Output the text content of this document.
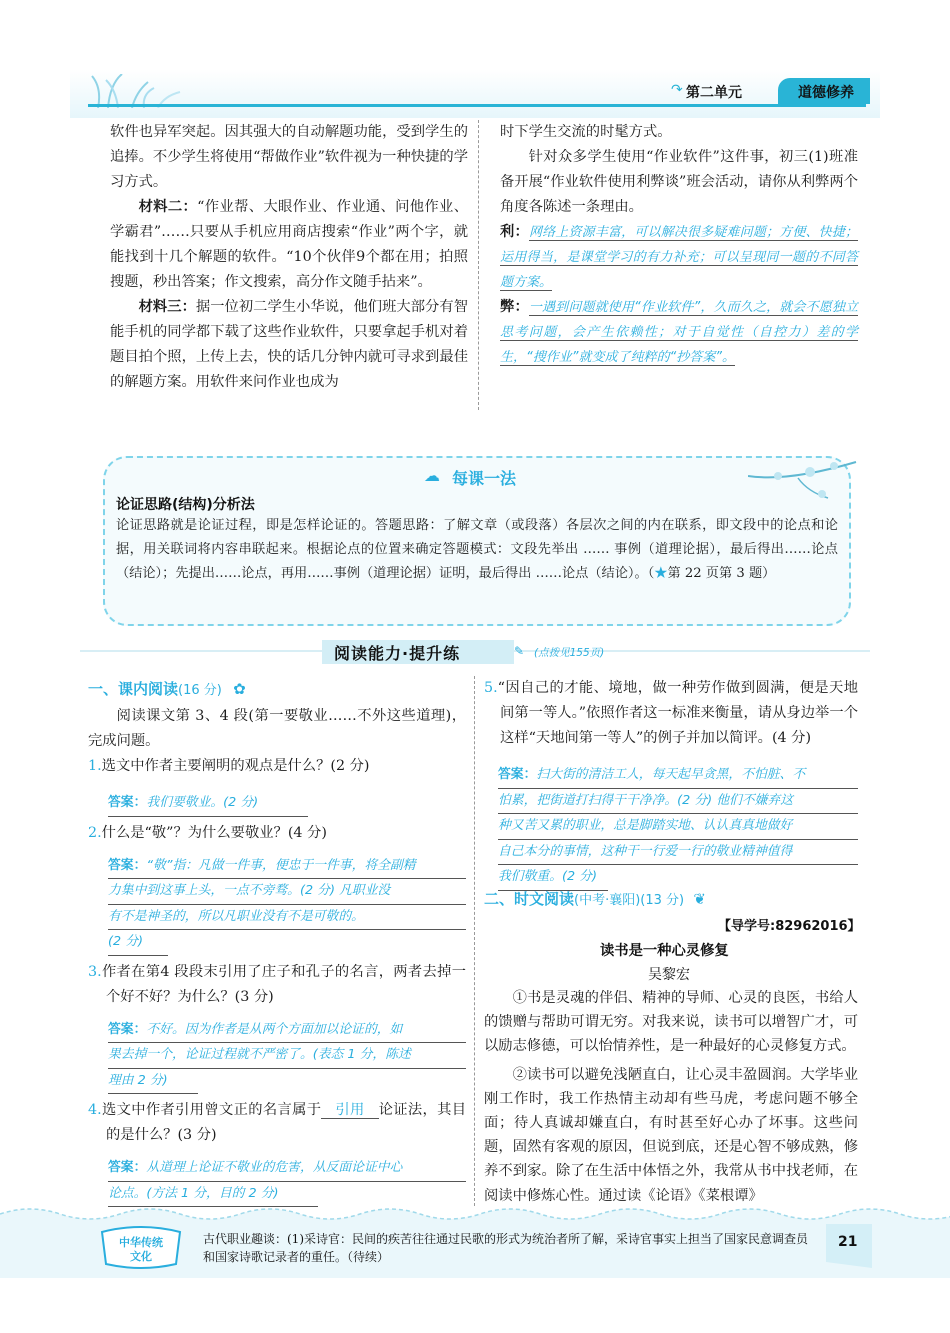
↷ 第二单元	道德修养

软件也异军突起。因其强大的自动解题功能，受到学生的追捧。不少学生将使用“帮做作业”软件视为一种快捷的学习方式。

材料二：“作业帮、大眼作业、作业通、问他作业、学霸君”……只要从手机应用商店搜索“作业”两个字，就能找到十几个解题的软件。“10个伙伴9个都在用；拍照搜题，秒出答案；作文搜索，高分作文随手拈来”。

材料三：据一位初二学生小华说，他们班大部分有智能手机的同学都下载了这些作业软件，只要拿起手机对着题目拍个照，上传上去，快的话几分钟内就可寻求到最佳的解题方案。用软件来问作业也成为

时下学生交流的时髦方式。

针对众多学生使用“作业软件”这件事，初三(1)班准备开展“作业软件使用利弊谈”班会活动，请你从利弊两个角度各陈述一条理由。

利：网络上资源丰富，可以解决很多疑难问题；方便、快捷；运用得当，是课堂学习的有力补充；可以呈现同一题的不同答题方案。

弊：一遇到问题就使用“作业软件”，久而久之，就会不愿独立思考问题，会产生依赖性；对于自觉性（自控力）差的学生，“搜作业”就变成了纯粹的“抄答案”。

☁ 每课一法
论证思路(结构)分析法
论证思路就是论证过程，即是怎样论证的。答题思路：了解文章（或段落）各层次之间的内在联系，即文段中的论点和论据，用关联词将内容串联起来。根据论点的位置来确定答题模式：文段先举出 …… 事例（道理论据），最后得出……论点（结论）；先提出……论点，再用……事例（道理论据）证明，最后得出 ……论点（结论）。（★第 22 页第 3 题）
阅读能力·提升练	✎ (点拨见155页)
一、课内阅读(16 分) ✿

阅读课文第 3、4 段(第一要敬业……不外这些道理)，完成问题。

1.选文中作者主要阐明的观点是什么？(2 分)

答案：我们要敬业。(2 分)

2.什么是“敬”？为什么要敬业？(4 分)

答案：“敬”指：凡做一件事，便忠于一件事，将全副精
力集中到这事上头，一点不旁骛。(2 分) 凡职业没
有不是神圣的，所以凡职业没有不是可敬的。
(2 分)

3.作者在第4 段段末引用了庄子和孔子的名言，两者去掉一个好不好？为什么？(3 分)

答案：不好。因为作者是从两个方面加以论证的，如
果去掉一个，论证过程就不严密了。(表态 1 分，陈述
理由 2 分)

4.选文中作者引用曾文正的名言属于 引用 论证法，其目的是什么？(3 分)

答案：从道理上论证不敬业的危害，从反面论证中心
论点。(方法 1 分，目的 2 分)

5.“因自己的才能、境地，做一种劳作做到圆满，便是天地间第一等人。”依照作者这一标准来衡量，请从身边举一个这样“天地间第一等人”的例子并加以简评。(4 分)

答案：扫大街的清洁工人，每天起早贪黑，不怕脏、不
怕累，把街道打扫得干干净净。(2 分) 他们不嫌弃这
种又苦又累的职业，总是脚踏实地、认认真真地做好
自己本分的事情，这种干一行爱一行的敬业精神值得
我们敬重。(2 分)
二、时文阅读(中考·襄阳)(13 分) ❦
【导学号:82962016】
读书是一种心灵修复
吴黎宏

①书是灵魂的伴侣、精神的导师、心灵的良医，书给人的馈赠与帮助可谓无穷。对我来说，读书可以增智广才，可以励志修德，可以怡情养性，是一种最好的心灵修复方式。

②读书可以避免浅陋直白，让心灵丰盈圆润。大学毕业刚工作时，我工作热情主动却有些马虎，考虑问题不够全面；待人真诚却嫌直白，有时甚至好心办了坏事。这些问题，固然有客观的原因，但说到底，还是心智不够成熟，修养不到家。除了在生活中体悟之外，我常从书中找老师，在阅读中修炼心性。通过读《论语》《菜根谭》

中华传统
文化
古代职业趣谈：(1)采诗官：民间的疾苦往往通过民歌的形式为统治者所了解，采诗官事实上担当了国家民意调查员和国家诗歌记录者的重任。（待续）
21
